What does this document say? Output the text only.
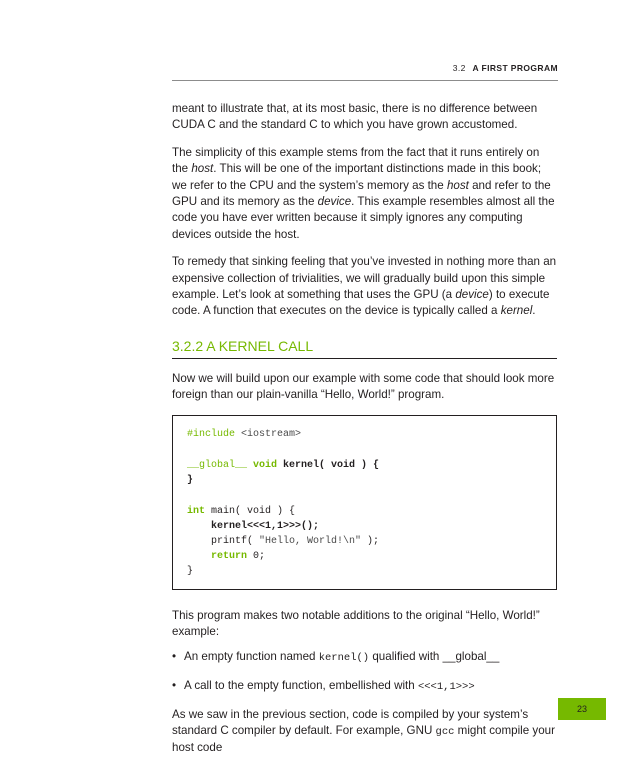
3.2 A FIRST PROGRAM

meant to illustrate that, at its most basic, there is no difference between CUDA C and the standard C to which you have grown accustomed.

The simplicity of this example stems from the fact that it runs entirely on the host. This will be one of the important distinctions made in this book; we refer to the CPU and the system’s memory as the host and refer to the GPU and its memory as the device. This example resembles almost all the code you have ever written because it simply ignores any computing devices outside the host.

To remedy that sinking feeling that you’ve invested in nothing more than an expensive collection of trivialities, we will gradually build upon this simple example. Let’s look at something that uses the GPU (a device) to execute code. A function that executes on the device is typically called a kernel.

3.2.2 A KERNEL CALL

Now we will build upon our example with some code that should look more foreign than our plain-vanilla “Hello, World!” program.

#include <iostream>
__global__ void kernel( void ) {
}
int main( void ) {
kernel<<<1,1>>>();
printf( "Hello, World!\n" );
return 0;
}

This program makes two notable additions to the original “Hello, World!” example:

• An empty function named kernel() qualified with __global__
• A call to the empty function, embellished with <<<1,1>>>

As we saw in the previous section, code is compiled by your system’s standard C compiler by default. For example, GNU gcc might compile your host code

23
